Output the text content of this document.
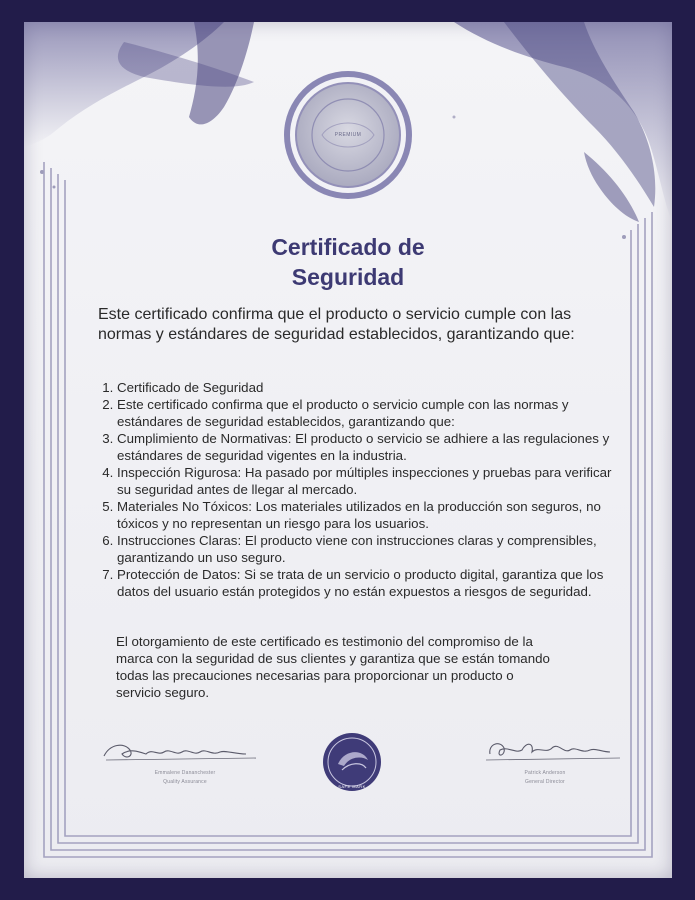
PREMIUM
Certificado de
Seguridad
Este certificado confirma que el producto o servicio cumple con las normas y estándares de seguridad establecidos, garantizando que:
1. Certificado de Seguridad
2. Este certificado confirma que el producto o servicio cumple con las normas y estándares de seguridad establecidos, garantizando que:
3. Cumplimiento de Normativas: El producto o servicio se adhiere a las regulaciones y estándares de seguridad vigentes en la industria.
4. Inspección Rigurosa: Ha pasado por múltiples inspecciones y pruebas para verificar su seguridad antes de llegar al mercado.
5. Materiales No Tóxicos: Los materiales utilizados en la producción son seguros, no tóxicos y no representan un riesgo para los usuarios.
6. Instrucciones Claras: El producto viene con instrucciones claras y comprensibles, garantizando un uso seguro.
7. Protección de Datos: Si se trata de un servicio o producto digital, garantiza que los datos del usuario están protegidos y no están expuestos a riesgos de seguridad.
El otorgamiento de este certificado es testimonio del compromiso de la marca con la seguridad de sus clientes y garantiza que se están tomando todas las precauciones necesarias para proporcionar un producto o servicio seguro.
Emmalene Dananchester
Quality Assurance
SAFE MARK
Patrick Anderson
General Director
